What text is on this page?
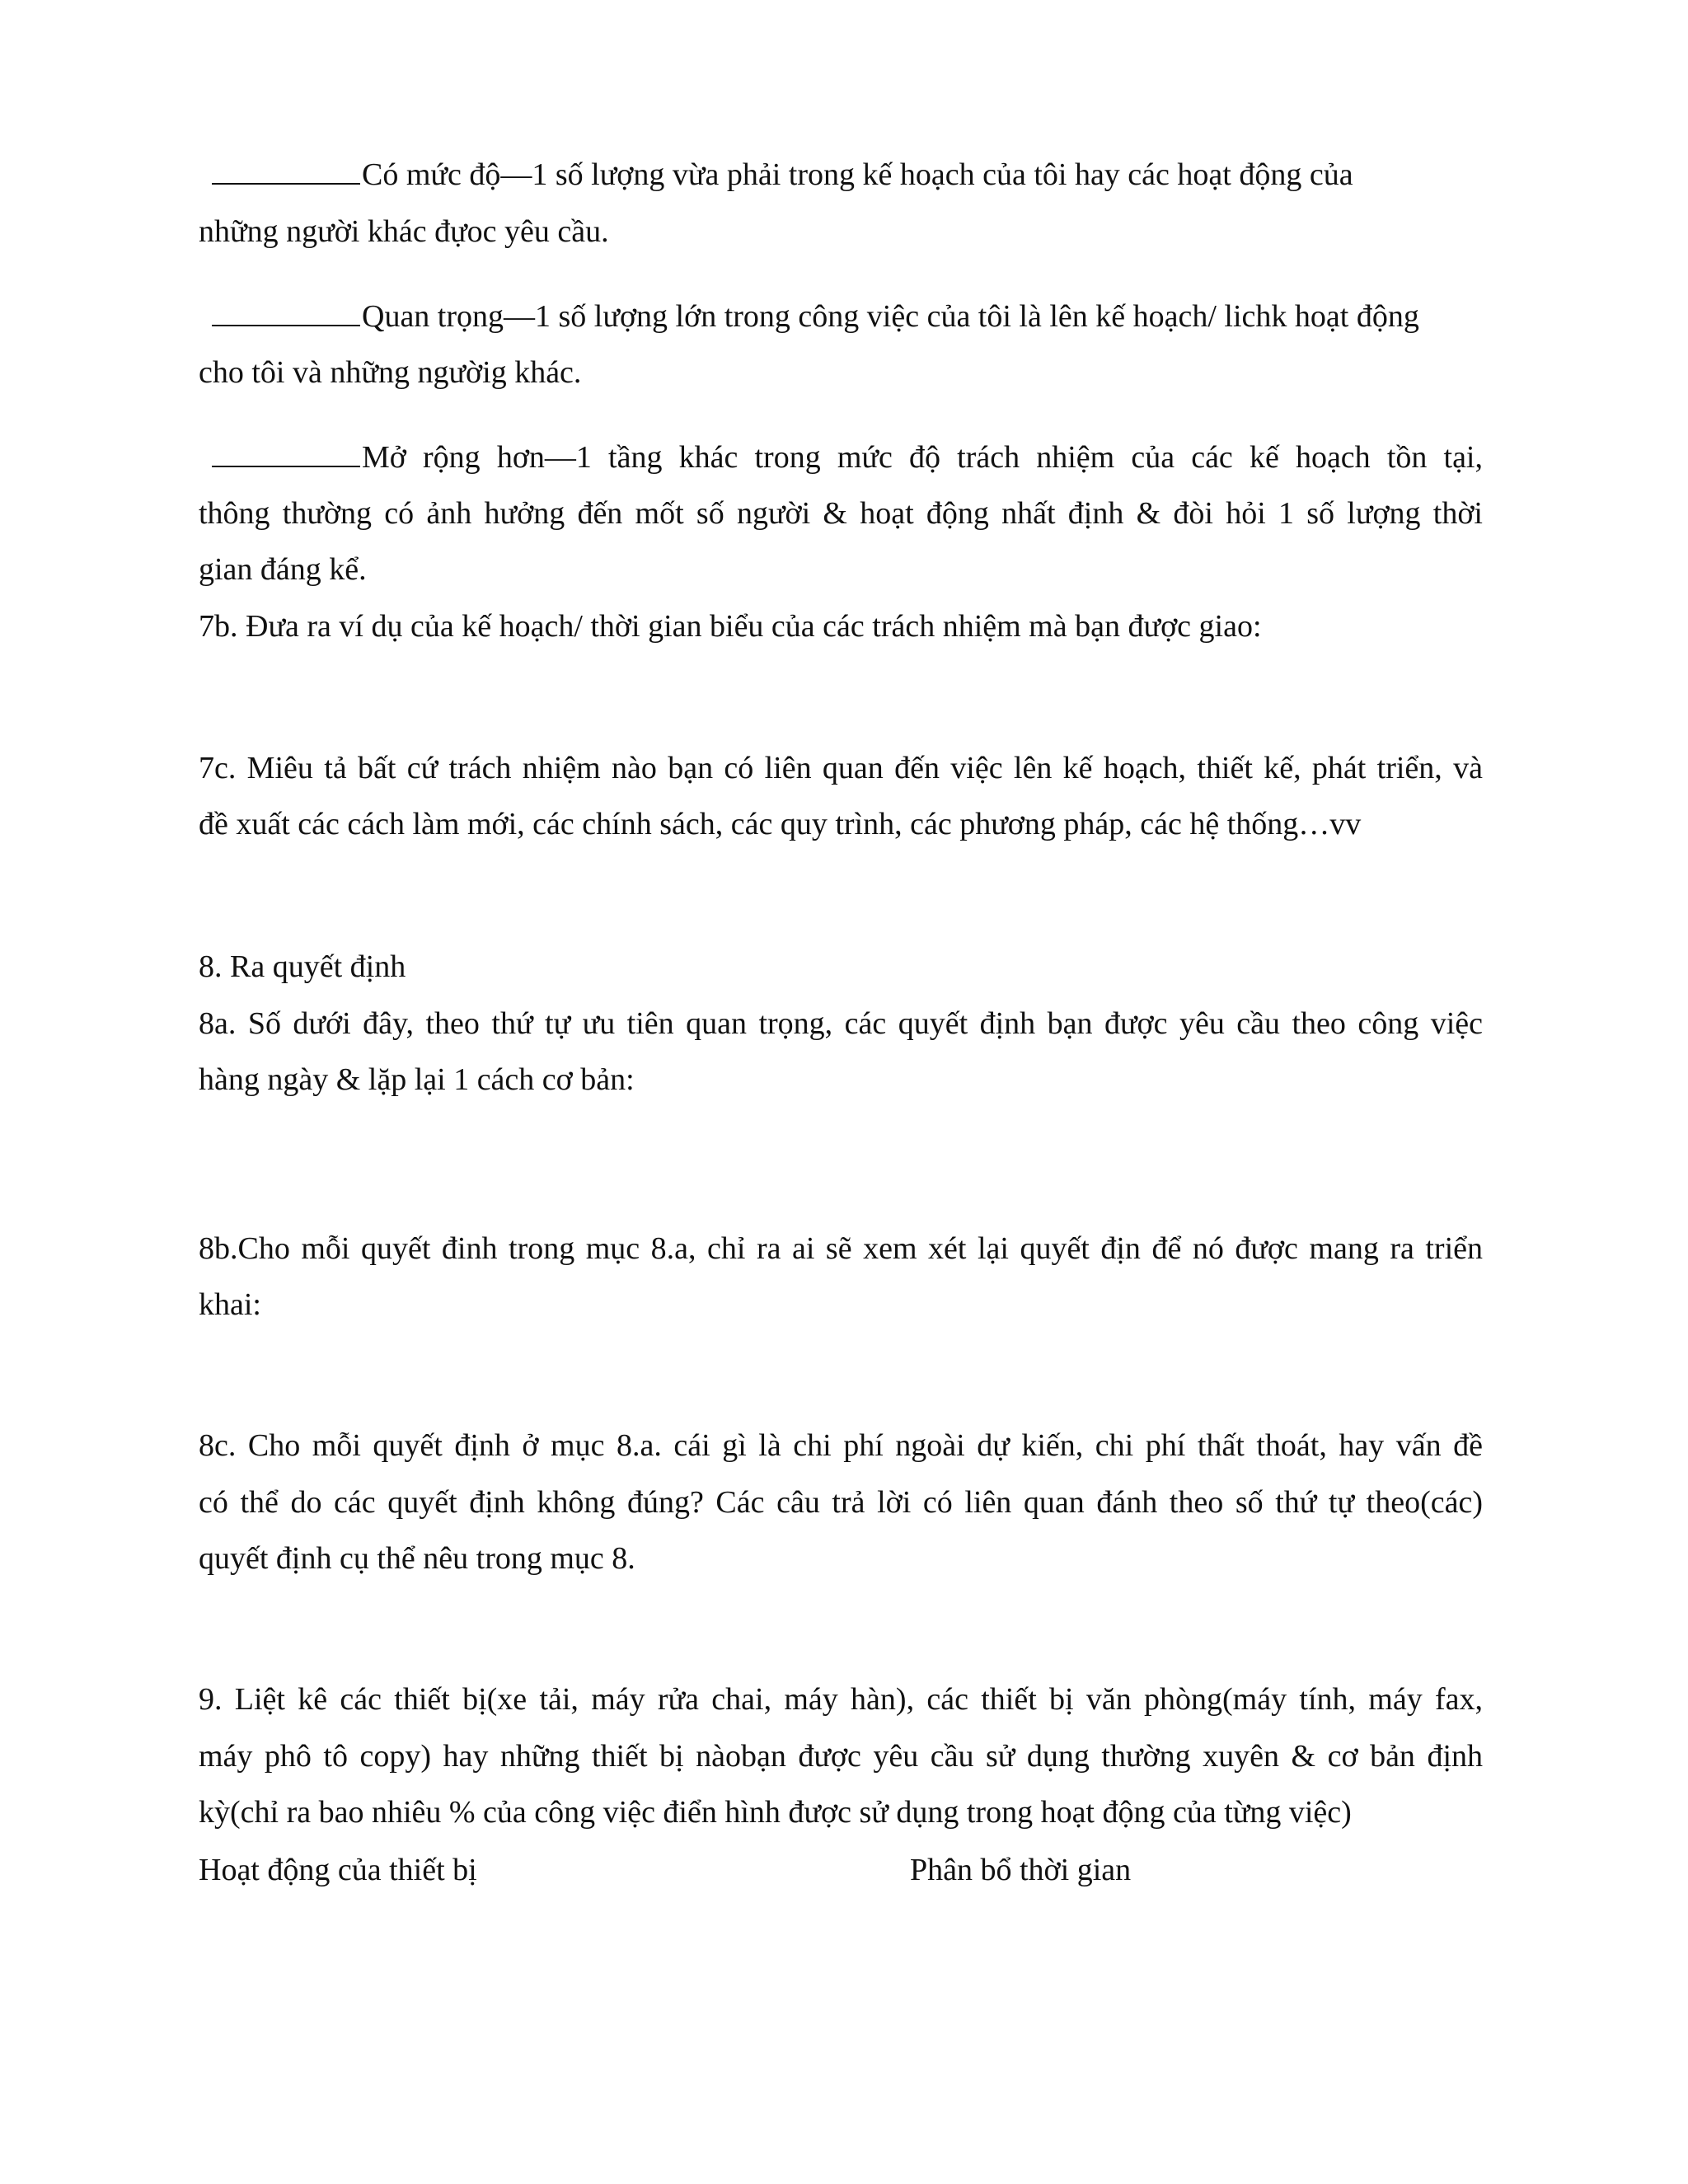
Có mức độ—1 số lượng vừa phải trong kế hoạch của tôi hay các hoạt động của
những người khác đựoc yêu cầu.
Quan trọng—1 số lượng lớn trong công việc của tôi là lên kế hoạch/ lichk hoạt động
cho tôi và những ngườig khác.
Mở rộng hơn—1 tầng khác trong mức độ trách nhiệm của các kế hoạch tồn tại,
thông thường có ảnh hưởng đến mốt số người & hoạt động nhất định & đòi hỏi 1 số lượng thời
gian đáng kể.
7b. Đưa ra ví dụ của kế hoạch/ thời gian biểu của các trách nhiệm mà bạn được giao:
7c. Miêu tả bất cứ trách nhiệm nào bạn có liên quan đến việc lên kế hoạch, thiết kế, phát triển, và
đề xuất các cách làm mới, các chính sách, các quy trình, các phương pháp, các hệ thống…vv
8. Ra quyết định
8a. Số dưới đây, theo thứ tự ưu tiên quan trọng, các quyết định bạn được yêu cầu theo công việc
hàng ngày & lặp lại 1 cách cơ bản:
8b.Cho mỗi quyết đinh trong mục 8.a, chỉ ra ai sẽ xem xét lại quyết địn để nó được mang ra triển
khai:
8c. Cho mỗi quyết định ở mục 8.a. cái gì là chi phí ngoài dự kiến, chi phí thất thoát, hay vấn đề
có thể do các quyết định không đúng? Các câu trả lời có liên quan đánh theo số thứ tự theo(các)
quyết định cụ thể nêu trong mục 8.
9. Liệt kê các thiết bị(xe tải, máy rửa chai, máy hàn), các thiết bị văn phòng(máy tính, máy fax,
máy phô tô copy) hay những thiết bị nàobạn được yêu cầu sử dụng thường xuyên & cơ bản định
kỳ(chỉ ra bao nhiêu % của công việc điển hình được sử dụng trong hoạt động của từng việc)
Hoạt động của thiết bị	Phân bổ thời gian
